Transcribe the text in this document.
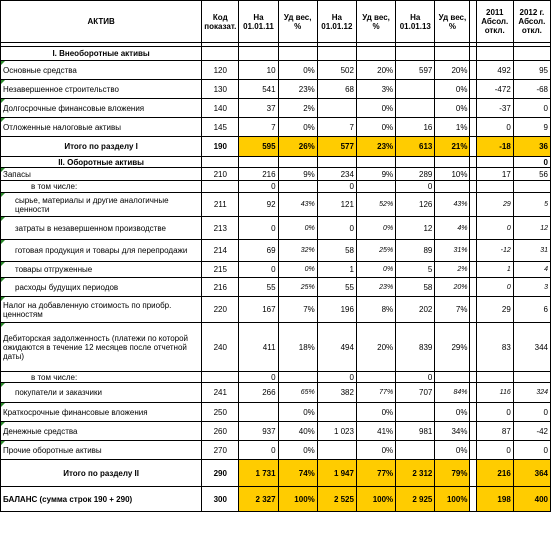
АКТИВ	Код показат.	На 01.01.11	Уд вес, %	На 01.01.12	Уд вес, %	На 01.01.13	Уд вес, %		2011 Абсол. откл.	2012 г. Абсол. откл.

I. Внеоборотные активы										
Основные средства	120	10	0%	502	20%	597	20%		492	95
Незавершенное строительство	130	541	23%	68	3%		0%		-472	-68
Долгосрочные финансовые вложения	140	37	2%		0%		0%		-37	0
Отложенные налоговые активы	145	7	0%	7	0%	16	1%		0	9
Итого по разделу I	190	595	26%	577	23%	613	21%		-18	36
II. Оборотные активы										0
Запасы	210	216	9%	234	9%	289	10%		17	56
в том числе:		0		0		0				
сырье, материалы и другие аналогичные ценности	211	92	43%	121	52%	126	43%		29	5
затраты в незавершенном производстве	213	0	0%	0	0%	12	4%		0	12
готовая продукция и товары для перепродажи	214	69	32%	58	25%	89	31%		-12	31
товары отгруженные	215	0	0%	1	0%	5	2%		1	4
расходы будущих периодов	216	55	25%	55	23%	58	20%		0	3
Налог на добавленную стоимость по приобр. ценностям	220	167	7%	196	8%	202	7%		29	6
Дебиторская задолженность (платежи по которой ожидаются в течение 12 месяцев после отчетной даты)	240	411	18%	494	20%	839	29%		83	344
в том числе:		0		0		0				
покупатели и заказчики	241	266	65%	382	77%	707	84%		116	324
Краткосрочные финансовые вложения	250		0%		0%		0%		0	0
Денежные средства	260	937	40%	1 023	41%	981	34%		87	-42
Прочие оборотные активы	270	0	0%		0%		0%		0	0
Итого по разделу II	290	1 731	74%	1 947	77%	2 312	79%		216	364
БАЛАНС (сумма строк 190 + 290)	300	2 327	100%	2 525	100%	2 925	100%		198	400
